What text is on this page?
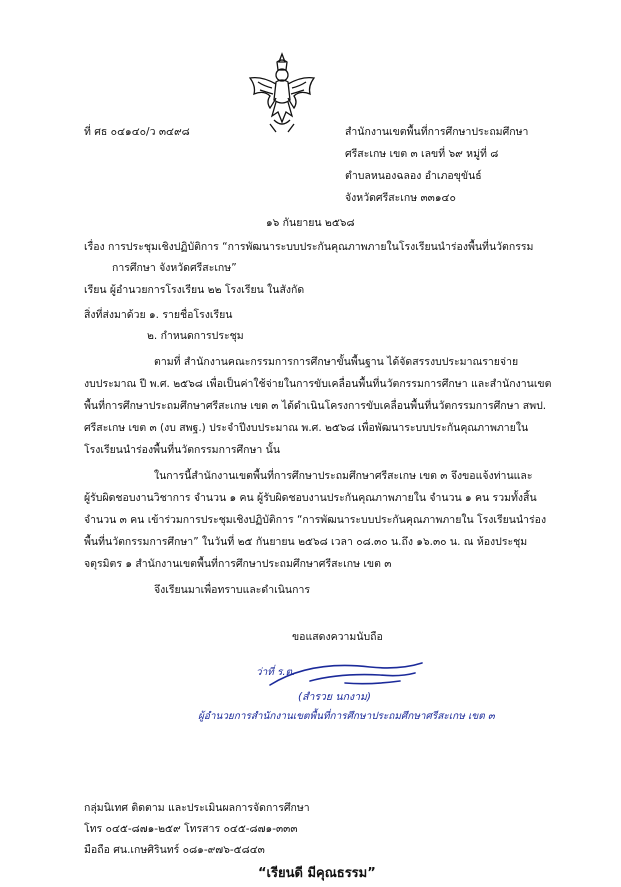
ที่ ศธ ๐๔๑๔๐/ว ๓๔๙๘	สำนักงานเขตพื้นที่การศึกษาประถมศึกษา
ศรีสะเกษ เขต ๓ เลขที่ ๖๙ หมู่ที่ ๘
ตำบลหนองฉลอง อำเภอขุขันธ์
จังหวัดศรีสะเกษ ๓๓๑๔๐
๑๖ กันยายน ๒๕๖๘
เรื่อง การประชุมเชิงปฏิบัติการ “การพัฒนาระบบประกันคุณภาพภายในโรงเรียนนำร่องพื้นที่นวัตกรรม
การศึกษา จังหวัดศรีสะเกษ”
เรียน ผู้อำนวยการโรงเรียน ๒๒ โรงเรียน ในสังกัด
สิ่งที่ส่งมาด้วย ๑. รายชื่อโรงเรียน
๒. กำหนดการประชุม
ตามที่ สำนักงานคณะกรรมการการศึกษาขั้นพื้นฐาน ได้จัดสรรงบประมาณรายจ่าย
งบประมาณ ปี พ.ศ. ๒๕๖๘ เพื่อเป็นค่าใช้จ่ายในการขับเคลื่อนพื้นที่นวัตกรรมการศึกษา และสำนักงานเขต
พื้นที่การศึกษาประถมศึกษาศรีสะเกษ เขต ๓ ได้ดำเนินโครงการขับเคลื่อนพื้นที่นวัตกรรมการศึกษา สพป.
ศรีสะเกษ เขต ๓ (งบ สพฐ.) ประจำปีงบประมาณ พ.ศ. ๒๕๖๘ เพื่อพัฒนาระบบประกันคุณภาพภายใน
โรงเรียนนำร่องพื้นที่นวัตกรรมการศึกษา นั้น
ในการนี้สำนักงานเขตพื้นที่การศึกษาประถมศึกษาศรีสะเกษ เขต ๓ จึงขอแจ้งท่านและ
ผู้รับผิดชอบงานวิชาการ จำนวน ๑ คน ผู้รับผิดชอบงานประกันคุณภาพภายใน จำนวน ๑ คน รวมทั้งสิ้น
จำนวน ๓ คน เข้าร่วมการประชุมเชิงปฏิบัติการ “การพัฒนาระบบประกันคุณภาพภายใน โรงเรียนนำร่อง
พื้นที่นวัตกรรมการศึกษา” ในวันที่ ๒๕ กันยายน ๒๕๖๘ เวลา ๐๘.๓๐ น.ถึง ๑๖.๓๐ น. ณ ห้องประชุม
จตุรมิตร ๑ สำนักงานเขตพื้นที่การศึกษาประถมศึกษาศรีสะเกษ เขต ๓
จึงเรียนมาเพื่อทราบและดำเนินการ
ขอแสดงความนับถือ
ว่าที่ ร.ต.
(สำรวย นกงาม)
ผู้อำนวยการสำนักงานเขตพื้นที่การศึกษาประถมศึกษาศรีสะเกษ เขต ๓
กลุ่มนิเทศ ติดตาม และประเมินผลการจัดการศึกษา
โทร ๐๔๕-๘๗๑-๒๕๙ โทรสาร ๐๔๕-๘๗๑-๓๓๓
มือถือ ศน.เกษศิรินทร์ ๐๘๑-๙๗๖-๕๘๔๓
“เรียนดี มีคุณธรรม”
